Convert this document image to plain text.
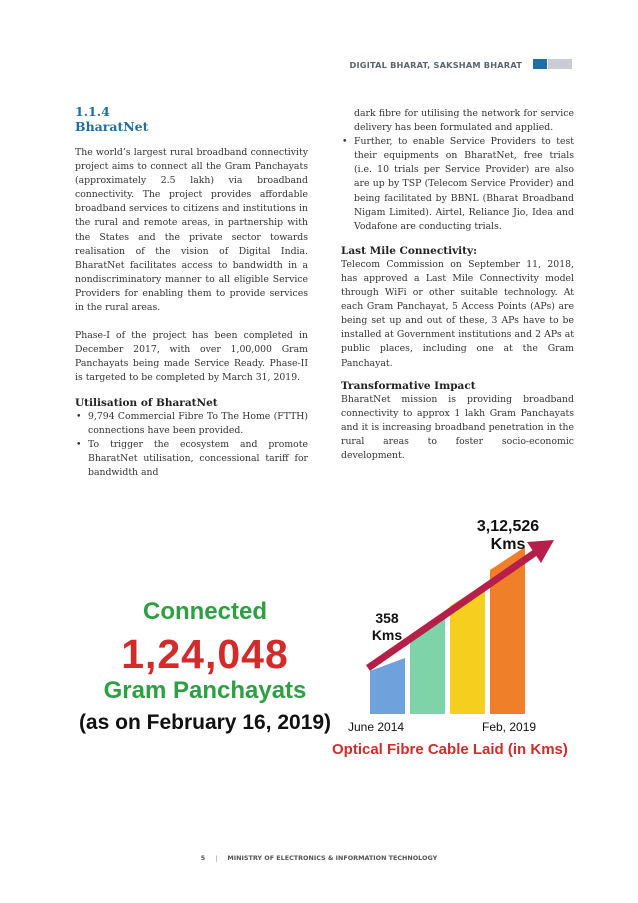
DIGITAL BHARAT, SAKSHAM BHARAT
1.1.4
BharatNet

The world’s largest rural broadband connectivity project aims to connect all the Gram Panchayats (approximately 2.5 lakh) via broadband connectivity. The project provides affordable broadband services to citizens and institutions in the rural and remote areas, in partnership with the States and the private sector towards realisation of the vision of Digital India. BharatNet facilitates access to bandwidth in a nondiscriminatory manner to all eligible Service Providers for enabling them to provide services in the rural areas.

Phase-I of the project has been completed in December 2017, with over 1,00,000 Gram Panchayats being made Service Ready. Phase-II is targeted to be completed by March 31, 2019.

Utilisation of BharatNet
• 9,794 Commercial Fibre To The Home (FTTH) connections have been provided.
• To trigger the ecosystem and promote BharatNet utilisation, concessional tariff for bandwidth and

dark fibre for utilising the network for service delivery has been formulated and applied.

• Further, to enable Service Providers to test their equipments on BharatNet, free trials (i.e. 10 trials per Service Provider) are also are up by TSP (Telecom Service Provider) and being facilitated by BBNL (Bharat Broadband Nigam Limited). Airtel, Reliance Jio, Idea and Vodafone are conducting trials.
Last Mile Connectivity:

Telecom Commission on September 11, 2018, has approved a Last Mile Connectivity model through WiFi or other suitable technology. At each Gram Panchayat, 5 Access Points (APs) are being set up and out of these, 3 APs have to be installed at Government institutions and 2 APs at public places, including one at the Gram Panchayat.

Transformative Impact

BharatNet mission is providing broadband connectivity to approx 1 lakh Gram Panchayats and it is increasing broadband penetration in the rural areas to foster socio-economic development.

Connected
1,24,048
Gram Panchayats
(as on February 16, 2019)
358
Kms
3,12,526
Kms
June 2014	Feb, 2019
Optical Fibre Cable Laid (in Kms)
5 | MINISTRY OF ELECTRONICS & INFORMATION TECHNOLOGY
